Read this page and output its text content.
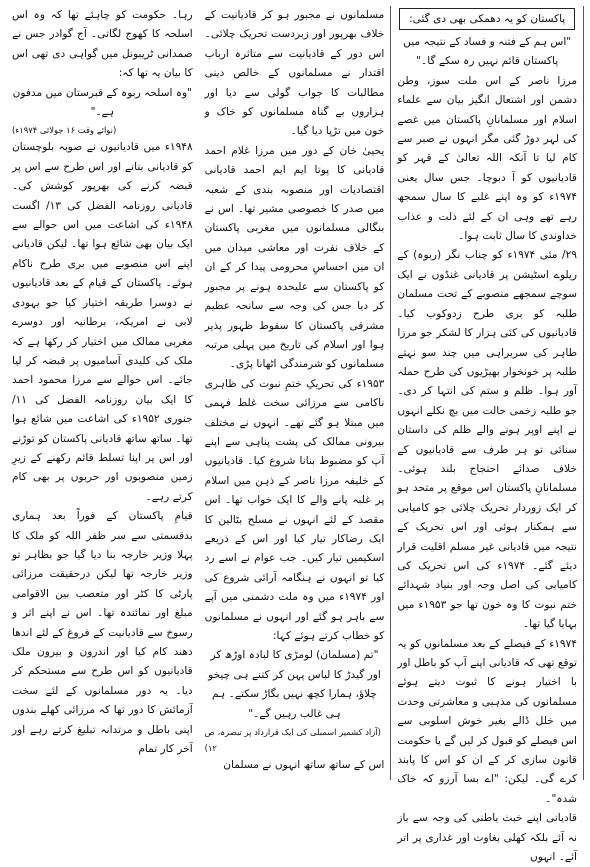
رہا۔ حکومت کو چاہئے تھا کہ وہ اس اسلحہ کا کھوج لگاتی۔ آج گوادر جس نے صمدانی ٹریبونل میں گواہی دی تھی اس کا بیان یہ تھا کہ:

"وہ اسلحہ ربوہ کے قبرستان میں مدفون ہے۔"

(نوائے وقت ۱۶ جولائی ۱۹۷۴ء)

۱۹۴۸ء میں قادیانیوں نے صوبہ بلوچستان کو قادیانی بنانے اور اس طرح سے اس پر قبضہ کرنے کی بھرپور کوشش کی۔ قادیانی روزنامہ الفضل کی ۱۳/ اگست ۱۹۴۸ء کی اشاعت میں اس حوالے سے ایک بیان بھی شائع ہوا تھا۔ لیکن قادیانی اپنے اس منصوبے میں بری طرح ناکام ہوئے۔ پاکستان کے قیام کے بعد قادیانیوں نے دوسرا طریقہ اختیار کیا جو یہودی لابی نے امریکہ، برطانیہ اور دوسرے مغربی ممالک میں اختیار کر رکھا ہے کہ ملک کی کلیدی آسامیوں پر قبضہ کر لیا جائے۔ اس حوالے سے مرزا محمود احمد کا ایک بیان روزنامہ الفضل کی ۱۱/ جنوری ۱۹۵۲ء کی اشاعت میں شائع ہوا تھا۔ ساتھ ساتھ قادیانی پاکستان کو توڑنے اور اس پر اپنا تسلط قائم رکھنے کے زیرِ زمین منصوبوں اور حربوں پر بھی کام کرتے رہے۔

قیامِ پاکستان کے فوراً بعد ہماری بدقسمتی سے سر ظفر اللہ کو ملک کا پہلا وزیر خارجہ بنا دیا گیا جو بظاہر تو وزیر خارجہ تھا لیکن درحقیقت مرزائی پارٹی کا کٹر اور متعصب بین الاقوامی مبلغ اور نمائندہ تھا۔ اس نے اپنے اثر و رسوخ سے قادیانیت کے فروغ کے لئے اندھا دھند کام کیا اور اندرون و بیرون ملک قادیانیوں کو اس طرح سے مستحکم کر دیا۔ یہ دور مسلمانوں کے لئے سخت آزمائش کا دور تھا کہ مرزائی کھلے بندوں اپنی باطل و مرتدانہ تبلیغ کرتے رہے اور آخر کار تمام

مسلمانوں نے مجبور ہو کر قادیانیت کے خلاف بھرپور اور زبردست تحریک چلائی۔ اس دور کے قادیانیت سے متاثرہ ارباب اقتدار نے مسلمانوں کے خالص دینی مطالبات کا جواب گولی سے دیا اور ہزاروں بے گناہ مسلمانوں کو خاک و خون میں تڑپا دیا گیا۔

یحییٰ خان کے دور میں مرزا غلام احمد قادیانی کا پوتا ایم ایم احمد قادیانی اقتصادیات اور منصوبہ بندی کے شعبہ میں صدر کا خصوصی مشیر تھا۔ اس نے بنگالی مسلمانوں میں مغربی پاکستان کے خلاف نفرت اور معاشی میدان میں ان میں احساسِ محرومی پیدا کر کے ان کو پاکستان سے علیحدہ ہونے پر مجبور کر دیا جس کی وجہ سے سانحہ عظیم مشرقی پاکستان کا سقوط ظہور پذیر ہوا اور اسلام کی تاریخ میں پہلی مرتبہ مسلمانوں کو شرمندگی اٹھانا پڑی۔

۱۹۵۳ء کی تحریکِ ختمِ نبوت کی ظاہری ناکامی سے مرزائی سخت غلط فہمی میں مبتلا ہو گئے تھے۔ انہوں نے مختلف بیرونی ممالک کی پشت پناہی سے اپنے آپ کو مضبوط بنانا شروع کیا۔ قادیانیوں کے خلیفہ مرزا ناصر کے ذہن میں اسلام پر غلبہ پانے والے کا ایک خواب تھا۔ اس مقصد کے لئے انہوں نے مسلح بٹالین کا ایک رضاکار تیار کیا اور اس کے ذریعے اسکیمیں تیار کیں۔ جب عوام نے اسے رد کیا تو انہوں نے ہنگامہ آرائی شروع کی اور ۱۹۷۴ء میں وہ ملت دشمنی میں آپے سے باہر ہو گئے اور انہوں نے مسلمانوں کو خطاب کرتے ہوئے کہا:

"تم (مسلمان) لومڑی کا لبادہ اوڑھ کر اور گیدڑ کا لباس پہن کر کتنے ہی چیخو چلاؤ، ہمارا کچھ نہیں بگاڑ سکتے۔ ہم ہی غالب رہیں گے۔"

(آزاد کشمیر اسمبلی کی ایک قرارداد پر تبصرہ، ص ۱۲)

اس کے ساتھ ساتھ انہوں نے مسلمان

پاکستان کو یہ دھمکی بھی دی گئی:

"اس ہم کے فتنہ و فساد کے نتیجہ میں پاکستان قائم نہیں رہ سکے گا۔"

مرزا ناصر کے اس ملت سوز، وطن دشمن اور اشتعال انگیز بیان سے علماء اسلام اور مسلمانانِ پاکستان میں غصے کی لہر دوڑ گئی مگر انہوں نے صبر سے کام لیا تا آنکہ اللہ تعالیٰ کے قہر کو قادیانیوں کو آ دبوچا۔ جس سال یعنی ۱۹۷۴ء کو وہ اپنے غلبے کا سال سمجھ رہے تھے وہی ان کے لئے ذلت و عذاب خداوندی کا سال ثابت ہوا۔

۲۹/ مئی ۱۹۷۴ء کو چناب نگر (ربوہ) کے ریلوے اسٹیشن پر قادیانی غنڈوں نے ایک سوچے سمجھے منصوبے کے تحت مسلمان طلبہ کو بری طرح زدوکوب کیا۔ قادیانیوں کی کئی ہزار کا لشکر جو مرزا طاہر کی سربراہی میں چند سو نہتے طلبہ پر خونخوار بھیڑیوں کی طرح حملہ آور ہوا۔ ظلم و ستم کی انتہا کر دی۔ جو طلبہ زخمی حالت میں بچ نکلے انہوں نے اپنے اوپر ہونے والے ظلم کی داستان سنائی تو ہر طرف سے قادیانیوں کے خلاف صدائے احتجاج بلند ہوئی۔ مسلمانانِ پاکستان اس موقع پر متحد ہو کر ایک زوردار تحریک چلائی جو کامیابی سے ہمکنار ہوئی اور اس تحریک کے نتیجہ میں قادیانی غیر مسلم اقلیت قرار دیئے گئے۔ ۱۹۷۴ء کی اس تحریک کی کامیابی کی اصل وجہ اور بنیاد شہدائے ختم نبوت کا وہ خون تھا جو ۱۹۵۳ء میں بہایا گیا تھا۔

۱۹۷۴ء کے فیصلے کے بعد مسلمانوں کو یہ توقع تھی کہ قادیانی اپنے آپ کو باطل اور با اختیار ہونے کا ثبوت دیتے ہوئے مسلمانوں کی مذہبی و معاشرتی وحدت میں خلل ڈالے بغیر خوش اسلوبی سے اس فیصلے کو قبول کر لیں گے یا حکومت قانون سازی کر کے ان کو اس کا پابند کرے گی۔ لیکن: "اے بسا آرزو کہ خاک شدہ"۔

قادیانی اپنے خبث باطنی کی وجہ سے باز نہ آئے بلکہ کھلی بغاوت اور غداری پر اتر آئے۔ انہوں
